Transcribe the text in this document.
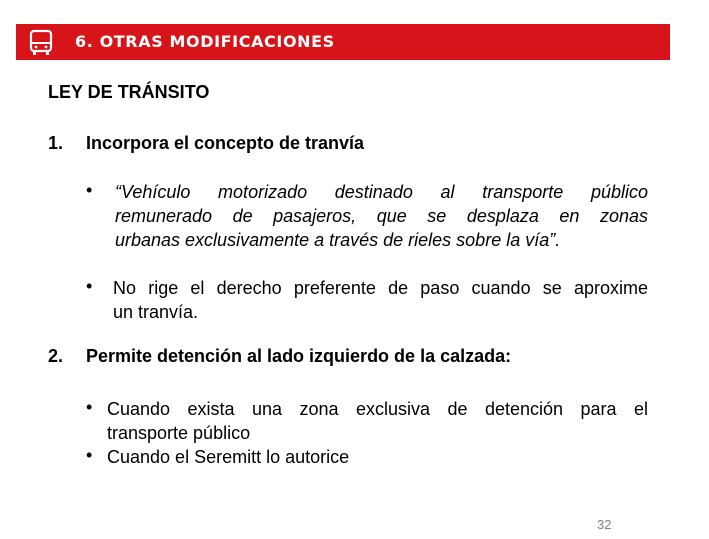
6. OTRAS MODIFICACIONES
LEY DE TRÁNSITO
1. Incorpora el concepto de tranvía
• “Vehículo motorizado destinado al transporte público
remunerado de pasajeros, que se desplaza en zonas
urbanas exclusivamente a través de rieles sobre la vía”.
• No rige el derecho preferente de paso cuando se aproxime
un tranvía.
2. Permite detención al lado izquierdo de la calzada:
• Cuando exista una zona exclusiva de detención para el
transporte público
• Cuando el Seremitt lo autorice
32
